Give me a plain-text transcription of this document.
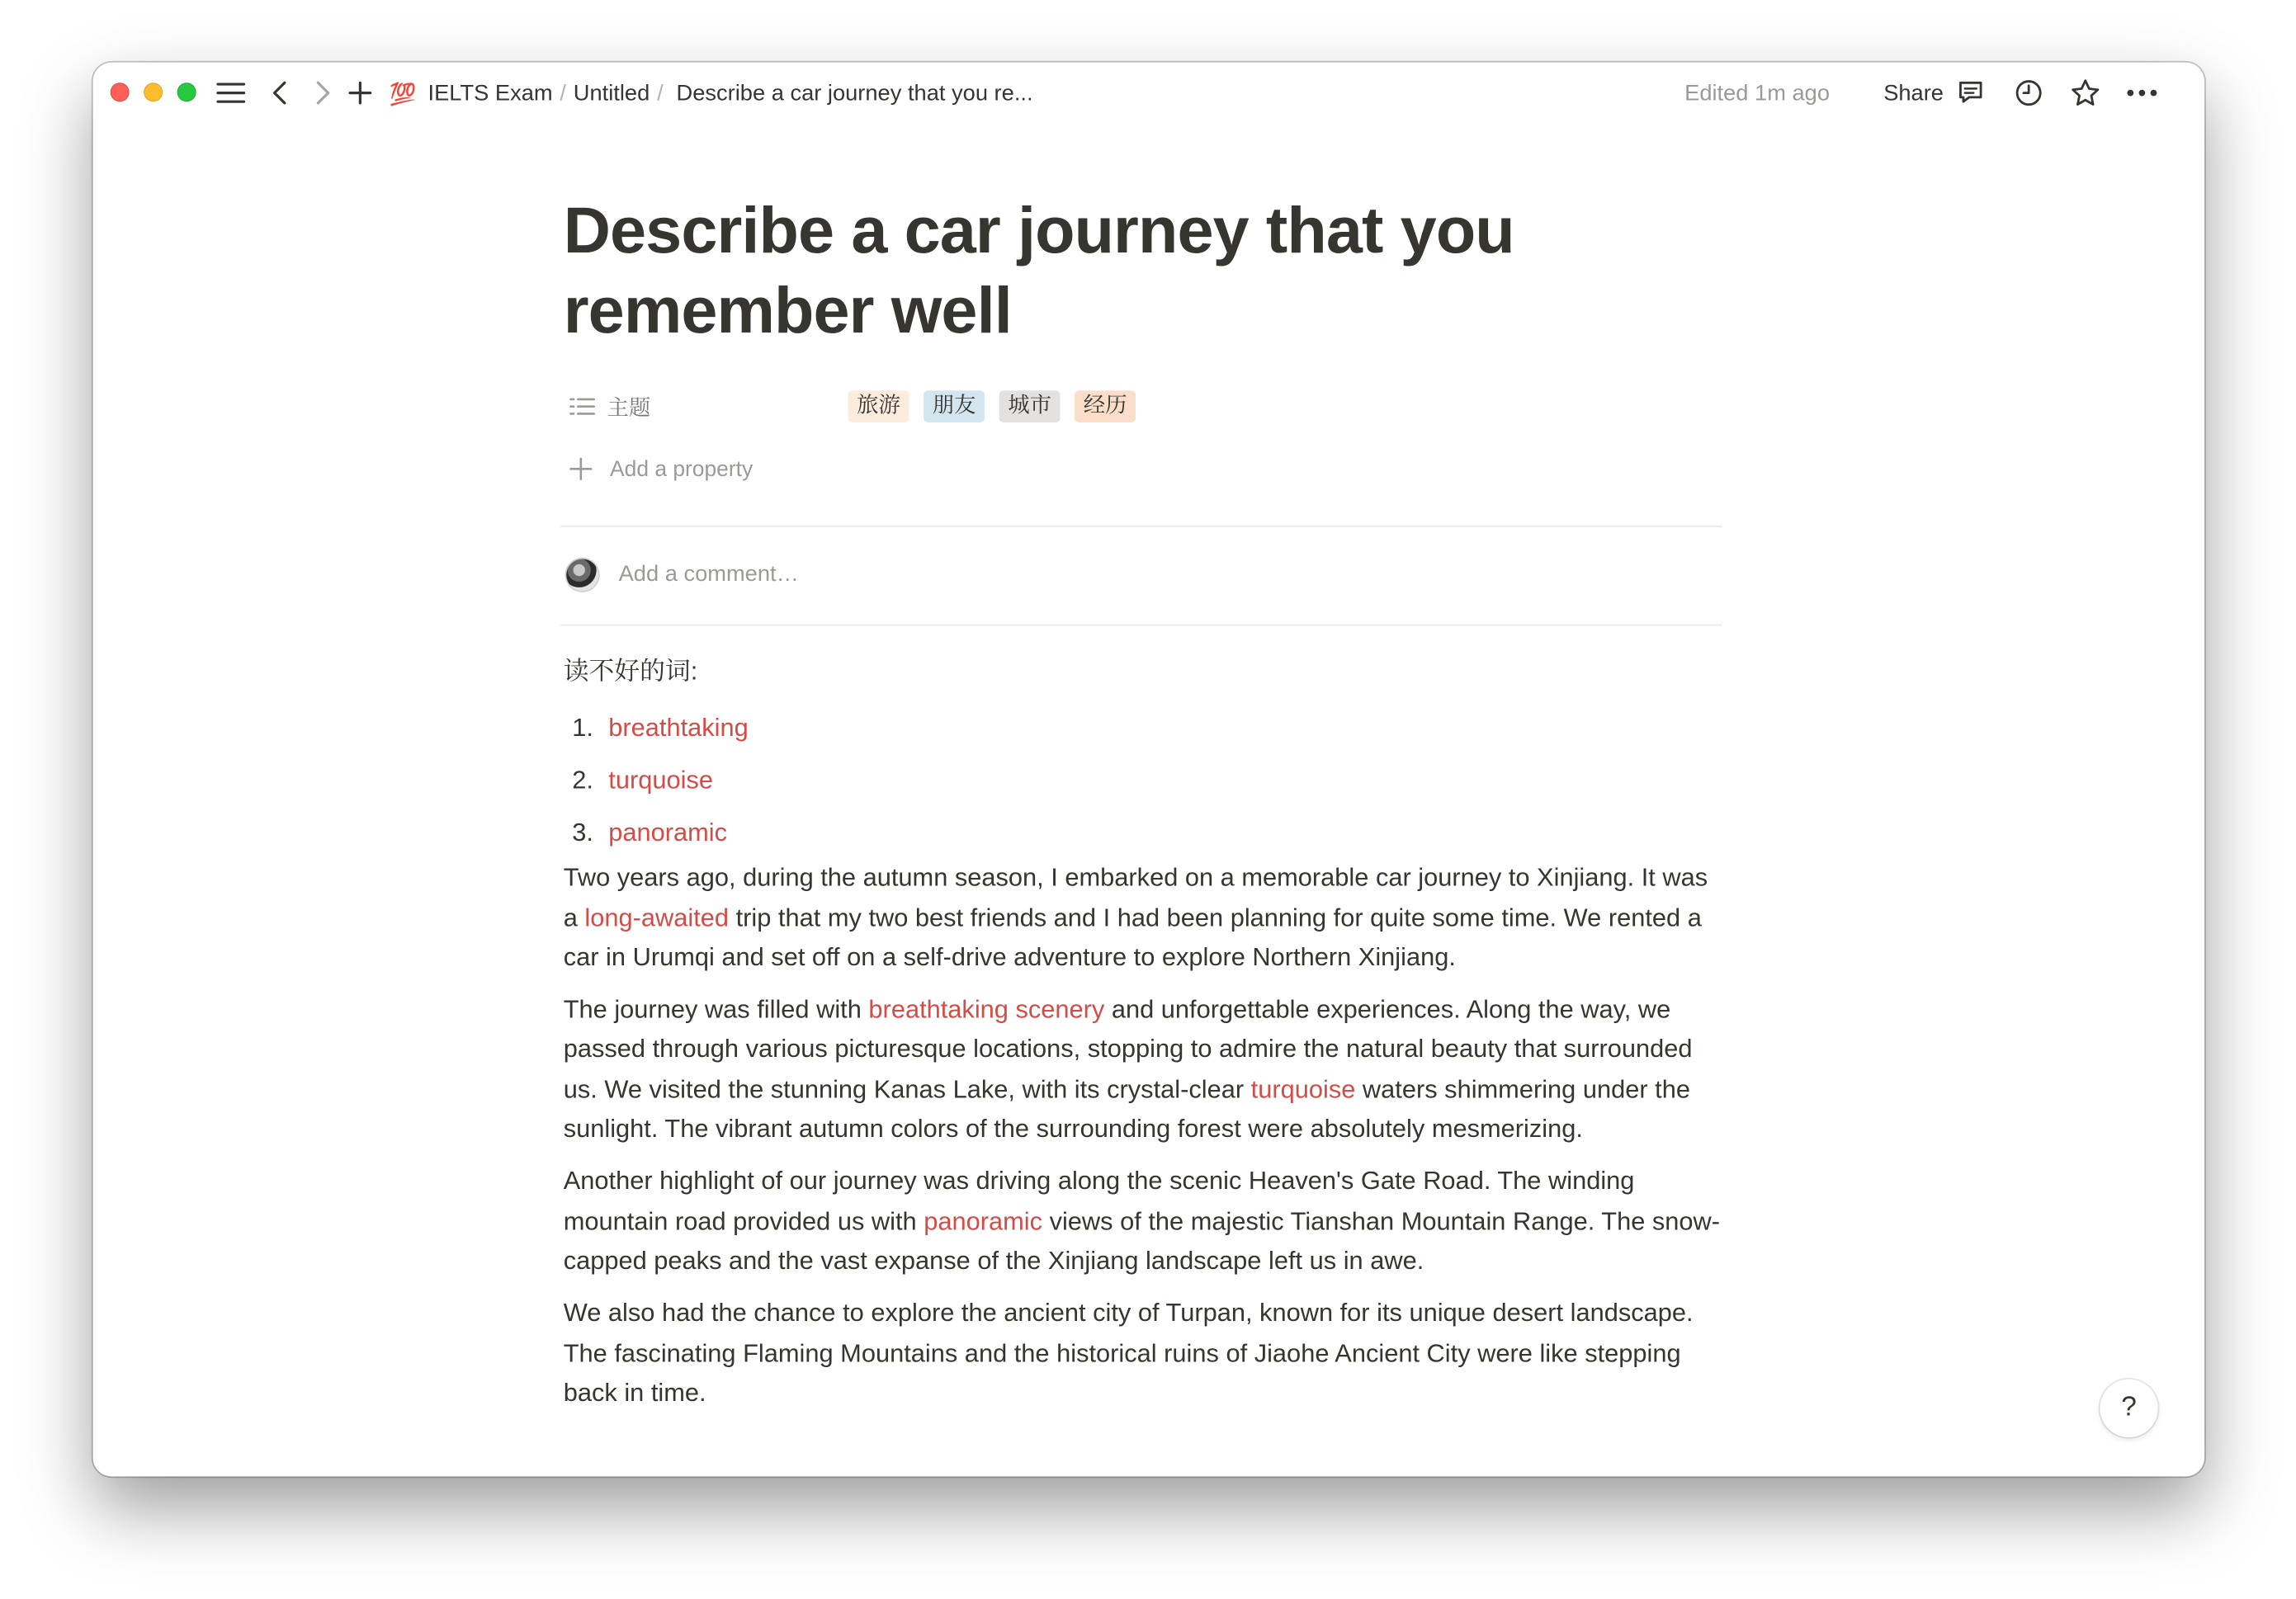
💯 IELTS Exam / Untitled / Describe a car journey that you re...	Edited 1m ago	Share
Describe a car journey that you remember well
主题	旅游	朋友	城市	经历
Add a property
Add a comment…

读不好的词:

1. breathtaking
2. turquoise
3. panoramic

Two years ago, during the autumn season, I embarked on a memorable car journey to Xinjiang. It was a long-awaited trip that my two best friends and I had been planning for quite some time. We rented a car in Urumqi and set off on a self-drive adventure to explore Northern Xinjiang.

The journey was filled with breathtaking scenery and unforgettable experiences. Along the way, we passed through various picturesque locations, stopping to admire the natural beauty that surrounded us. We visited the stunning Kanas Lake, with its crystal-clear turquoise waters shimmering under the sunlight. The vibrant autumn colors of the surrounding forest were absolutely mesmerizing.

Another highlight of our journey was driving along the scenic Heaven's Gate Road. The winding mountain road provided us with panoramic views of the majestic Tianshan Mountain Range. The snow-capped peaks and the vast expanse of the Xinjiang landscape left us in awe.

We also had the chance to explore the ancient city of Turpan, known for its unique desert landscape. The fascinating Flaming Mountains and the historical ruins of Jiaohe Ancient City were like stepping back in time.

?
